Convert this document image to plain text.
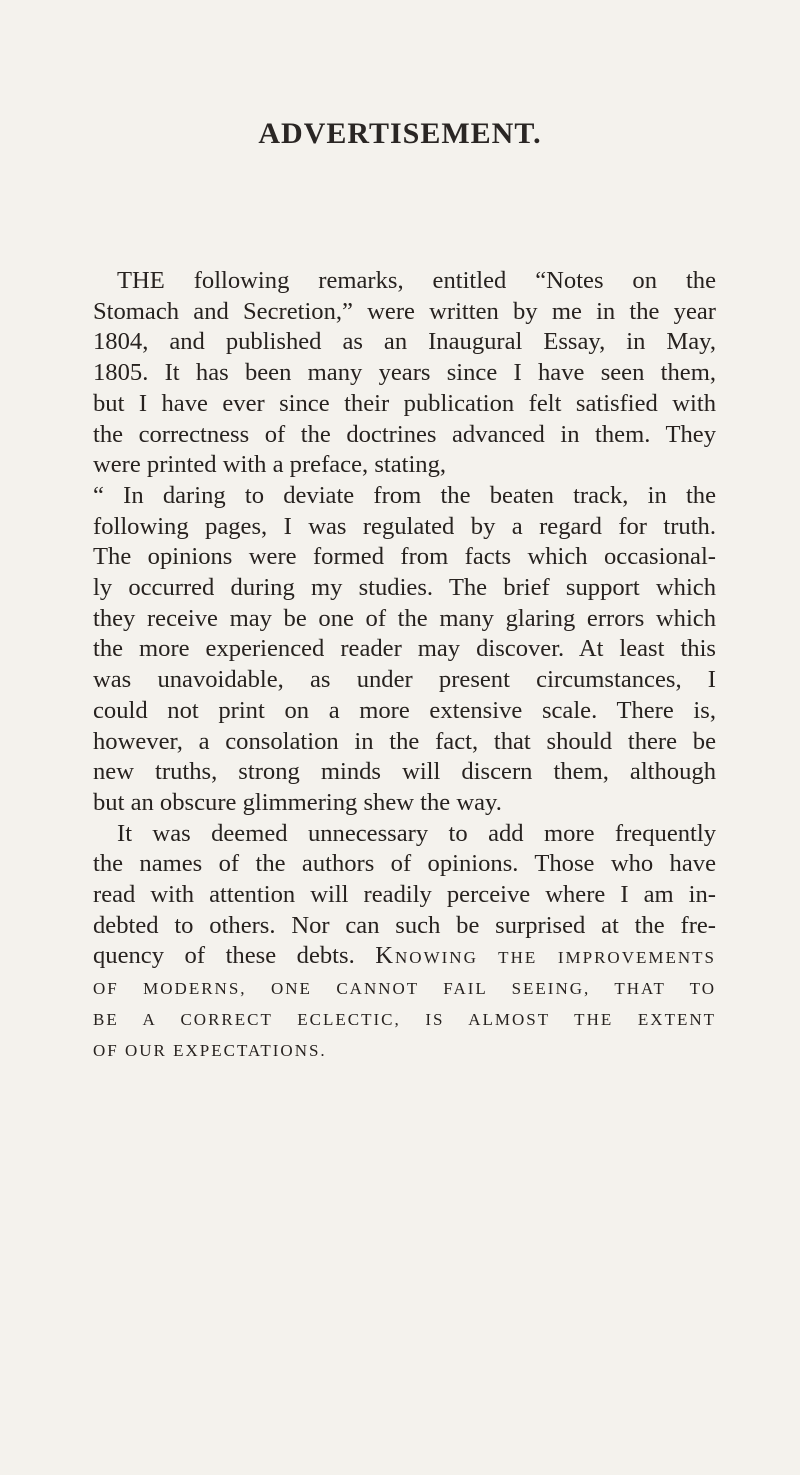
ADVERTISEMENT.
THE following remarks, entitled “Notes on the
Stomach and Secretion,” were written by me in the year
1804, and published as an Inaugural Essay, in May,
1805. It has been many years since I have seen them,
but I have ever since their publication felt satisfied with
the correctness of the doctrines advanced in them. They
were printed with a preface, stating,
“ In daring to deviate from the beaten track, in the
following pages, I was regulated by a regard for truth.
The opinions were formed from facts which occasional-
ly occurred during my studies. The brief support which
they receive may be one of the many glaring errors which
the more experienced reader may discover. At least this
was unavoidable, as under present circumstances, I
could not print on a more extensive scale. There is,
however, a consolation in the fact, that should there be
new truths, strong minds will discern them, although
but an obscure glimmering shew the way.
It was deemed unnecessary to add more frequently
the names of the authors of opinions. Those who have
read with attention will readily perceive where I am in-
debted to others. Nor can such be surprised at the fre-
quency of these debts. KNOWING THE IMPROVEMENTS
OF MODERNS, ONE CANNOT FAIL SEEING, THAT TO
BE A CORRECT ECLECTIC, IS ALMOST THE EXTENT
OF OUR EXPECTATIONS.
